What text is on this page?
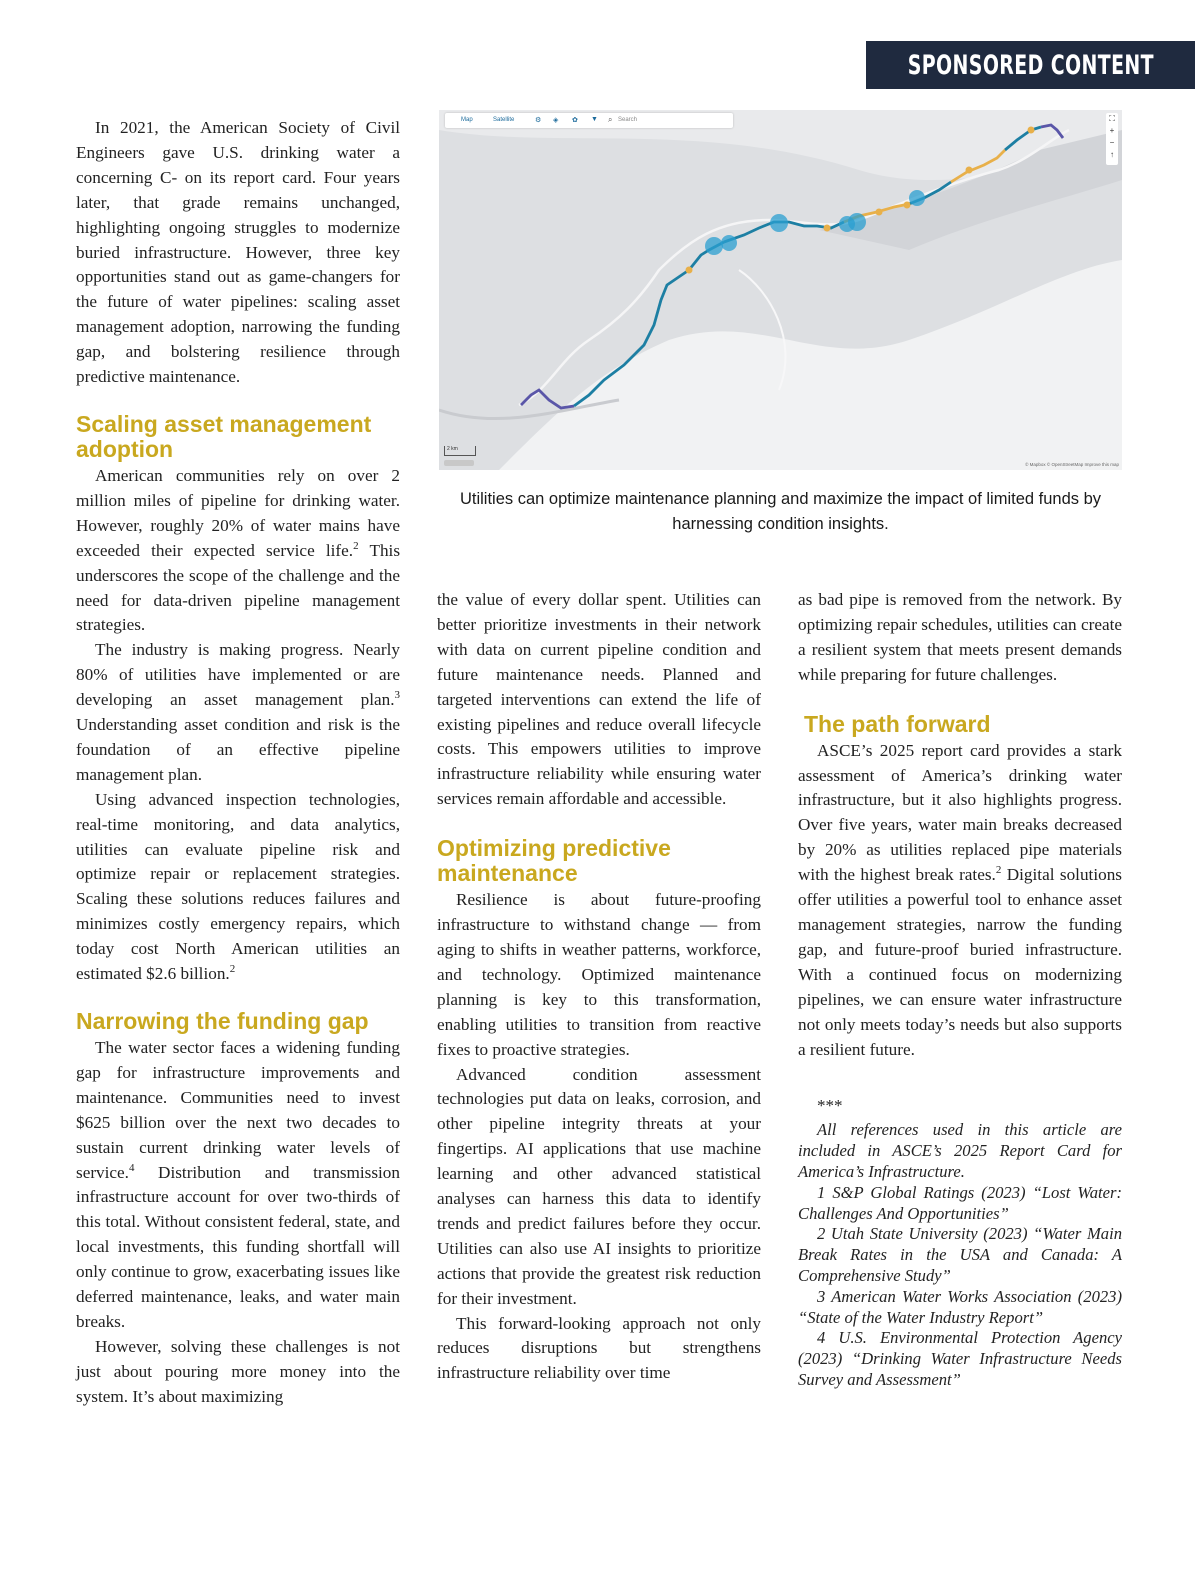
SPONSORED CONTENT

In 2021, the American Society of Civil Engineers gave U.S. drinking water a concerning C- on its report card. Four years later, that grade remains unchanged, highlighting ongoing struggles to modernize buried infrastructure. However, three key opportunities stand out as game-changers for the future of water pipelines: scaling asset management adoption, narrowing the funding gap, and bolstering resilience through predictive maintenance.

Scaling asset management adoption

American communities rely on over 2 million miles of pipeline for drinking water. However, roughly 20% of water mains have exceeded their expected service life.$^2$ This underscores the scope of the challenge and the need for data-driven pipeline management strategies.

The industry is making progress. Nearly 80% of utilities have implemented or are developing an asset management plan.$^3$ Understanding asset condition and risk is the foundation of an effective pipeline management plan.

Using advanced inspection technologies, real-time monitoring, and data analytics, utilities can evaluate pipeline risk and optimize repair or replacement strategies. Scaling these solutions reduces failures and minimizes costly emergency repairs, which today cost North American utilities an estimated $2.6 billion.$^2$

Narrowing the funding gap

The water sector faces a widening funding gap for infrastructure improvements and maintenance. Communities need to invest $625 billion over the next two decades to sustain current drinking water levels of service.$^4$ Distribution and transmission infrastructure account for over two-thirds of this total. Without consistent federal, state, and local investments, this funding shortfall will only continue to grow, exacerbating issues like deferred maintenance, leaks, and water main breaks.

However, solving these challenges is not just about pouring more money into the system. It’s about maximizing

Map	Satellite	⚙ ◈ ✿ ▼ ⌕ Search	⛶
+
−
↑
2 km
© Mapbox © OpenStreetMap Improve this map
Utilities can optimize maintenance planning and maximize the impact of limited funds by harnessing condition insights.

the value of every dollar spent. Utilities can better prioritize investments in their network with data on current pipeline condition and future maintenance needs. Planned and targeted interventions can extend the life of existing pipelines and reduce overall lifecycle costs. This empowers utilities to improve infrastructure reliability while ensuring water services remain affordable and accessible.

Optimizing predictive maintenance

Resilience is about future-proofing infrastructure to withstand change — from aging to shifts in weather patterns, workforce, and technology. Optimized maintenance planning is key to this transformation, enabling utilities to transition from reactive fixes to proactive strategies.

Advanced condition assessment technologies put data on leaks, corrosion, and other pipeline integrity threats at your fingertips. AI applications that use machine learning and other advanced statistical analyses can harness this data to identify trends and predict failures before they occur. Utilities can also use AI insights to prioritize actions that provide the greatest risk reduction for their investment.

This forward-looking approach not only reduces disruptions but strengthens infrastructure reliability over time

as bad pipe is removed from the network. By optimizing repair schedules, utilities can create a resilient system that meets present demands while preparing for future challenges.

The path forward

ASCE’s 2025 report card provides a stark assessment of America’s drinking water infrastructure, but it also highlights progress. Over five years, water main breaks decreased by 20% as utilities replaced pipe materials with the highest break rates.$^2$ Digital solutions offer utilities a powerful tool to enhance asset management strategies, narrow the funding gap, and future-proof buried infrastructure. With a continued focus on modernizing pipelines, we can ensure water infrastructure not only meets today’s needs but also supports a resilient future.

***

All references used in this article are included in ASCE’s 2025 Report Card for America’s Infrastructure.

1 S&P Global Ratings (2023) “Lost Water: Challenges And Opportunities”

2 Utah State University (2023) “Water Main Break Rates in the USA and Canada: A Comprehensive Study”

3 American Water Works Association (2023) “State of the Water Industry Report”

4 U.S. Environmental Protection Agency (2023) “Drinking Water Infrastructure Needs Survey and Assessment”
